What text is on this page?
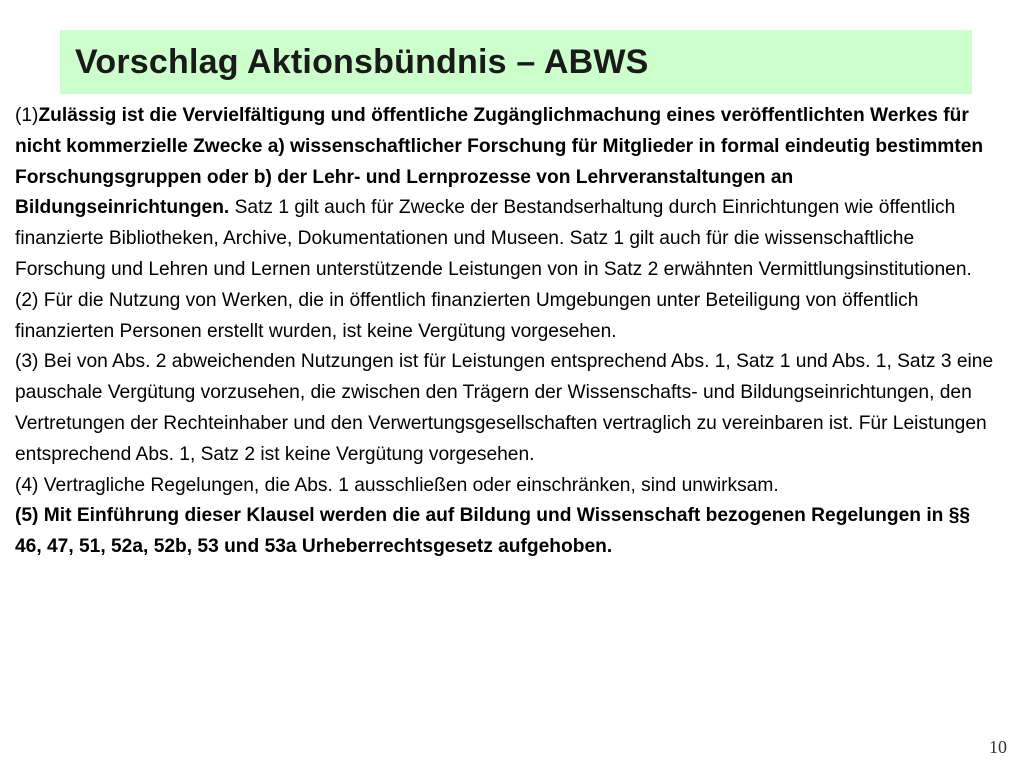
Vorschlag Aktionsbündnis – ABWS

(1)Zulässig ist die Vervielfältigung und öffentliche Zugänglichmachung eines veröffentlichten Werkes für nicht kommerzielle Zwecke a) wissenschaftlicher Forschung für Mitglieder in formal eindeutig bestimmten Forschungsgruppen oder b) der Lehr- und Lernprozesse von Lehrveranstaltungen an Bildungseinrichtungen. Satz 1 gilt auch für Zwecke der Bestandserhaltung durch Einrichtungen wie öffentlich finanzierte Bibliotheken, Archive, Dokumentationen und Museen. Satz 1 gilt auch für die wissenschaftliche Forschung und Lehren und Lernen unterstützende Leistungen von in Satz 2 erwähnten Vermittlungsinstitutionen.

(2) Für die Nutzung von Werken, die in öffentlich finanzierten Umgebungen unter Beteiligung von öffentlich finanzierten Personen erstellt wurden, ist keine Vergütung vorgesehen.

(3) Bei von Abs. 2 abweichenden Nutzungen ist für Leistungen entsprechend Abs. 1, Satz 1 und Abs. 1, Satz 3 eine pauschale Vergütung vorzusehen, die zwischen den Trägern der Wissenschafts- und Bildungseinrichtungen, den Vertretungen der Rechteinhaber und den Verwertungsgesellschaften vertraglich zu vereinbaren ist. Für Leistungen entsprechend Abs. 1, Satz 2 ist keine Vergütung vorgesehen.

(4) Vertragliche Regelungen, die Abs. 1 ausschließen oder einschränken, sind unwirksam.

(5) Mit Einführung dieser Klausel werden die auf Bildung und Wissenschaft bezogenen Regelungen in §§ 46, 47, 51, 52a, 52b, 53 und 53a Urheberrechtsgesetz aufgehoben.

10
